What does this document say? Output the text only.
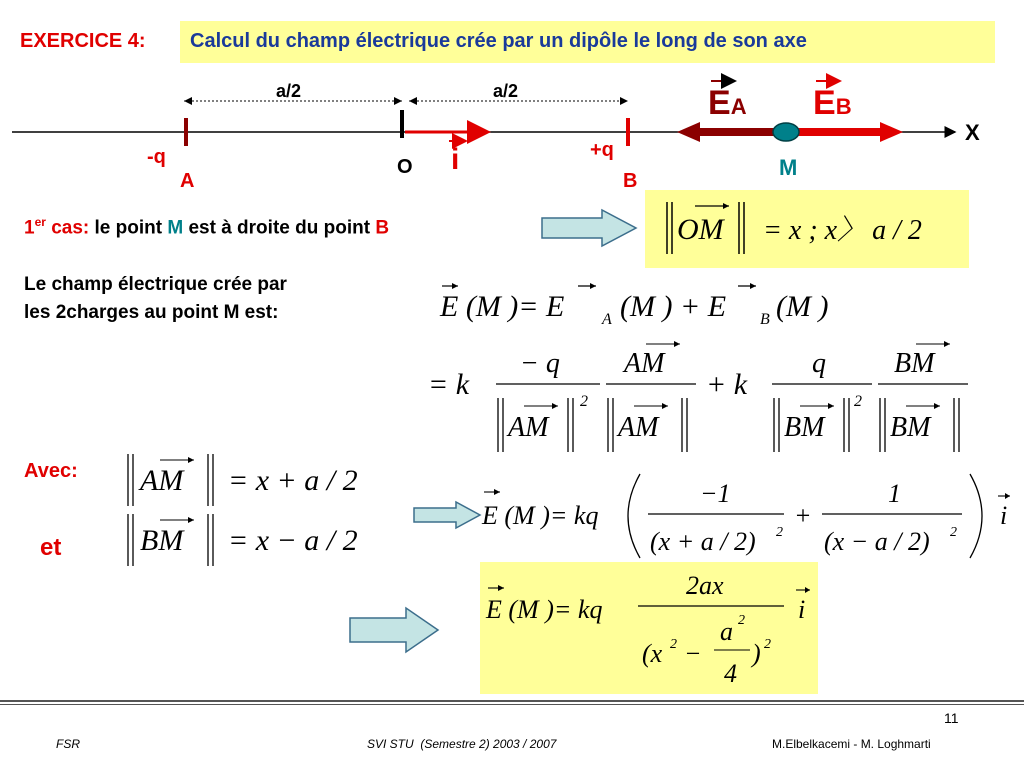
EXERCICE 4: Calcul du champ électrique crée par un dipôle le long de son axe
a/2	a/2
-q
A
O i	+q
B
M
X
EA EB
1er cas: le point M est à droite du point B	OM = x ; x〉 a / 2
Le champ électrique crée par
les 2charges au point M est:	E (M )= E A (M ) + E B (M )
= k
− q
AM
2
AM
AM
+ k
q
BM
2
BM
BM
Avec:
et
AM = x + a / 2
BM = x − a / 2
E (M )= kq
−1
(x + a / 2) 2
+
1
(x − a / 2) 2
i
E (M )= kq
2ax
(x 2 −
a 2
4
) 2
i
11
FSR	SVI STU  (Semestre 2) 2003 / 2007	M.Elbelkacemi - M. Loghmarti
